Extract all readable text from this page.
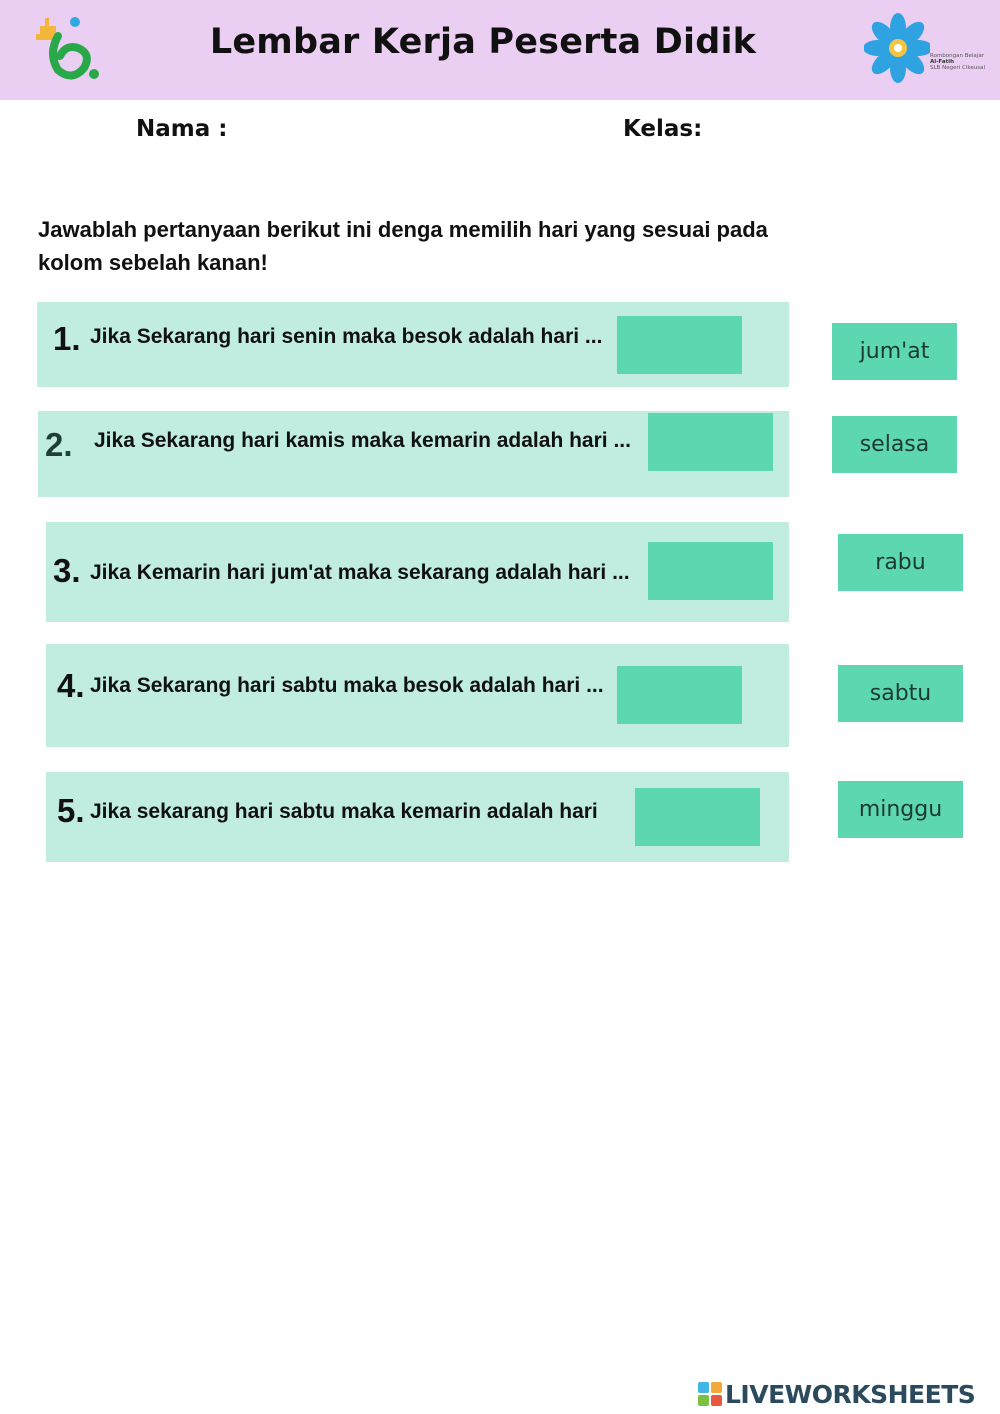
Lembar Kerja Peserta Didik	Rombongan Belajar
Al-Fatih
SLB Negeri Cikeusal
Nama :	Kelas:
Jawablah pertanyaan berikut ini denga memilih hari yang sesuai pada kolom sebelah kanan!
1. Jika Sekarang hari senin maka besok adalah hari ...
2. Jika Sekarang hari kamis maka kemarin adalah hari ...
3. Jika Kemarin hari jum'at maka sekarang adalah hari ...
4. Jika Sekarang hari sabtu maka besok adalah hari ...
5. Jika sekarang hari sabtu maka kemarin adalah hari
jum'at
selasa
rabu
sabtu
minggu
LIVEWORKSHEETS
